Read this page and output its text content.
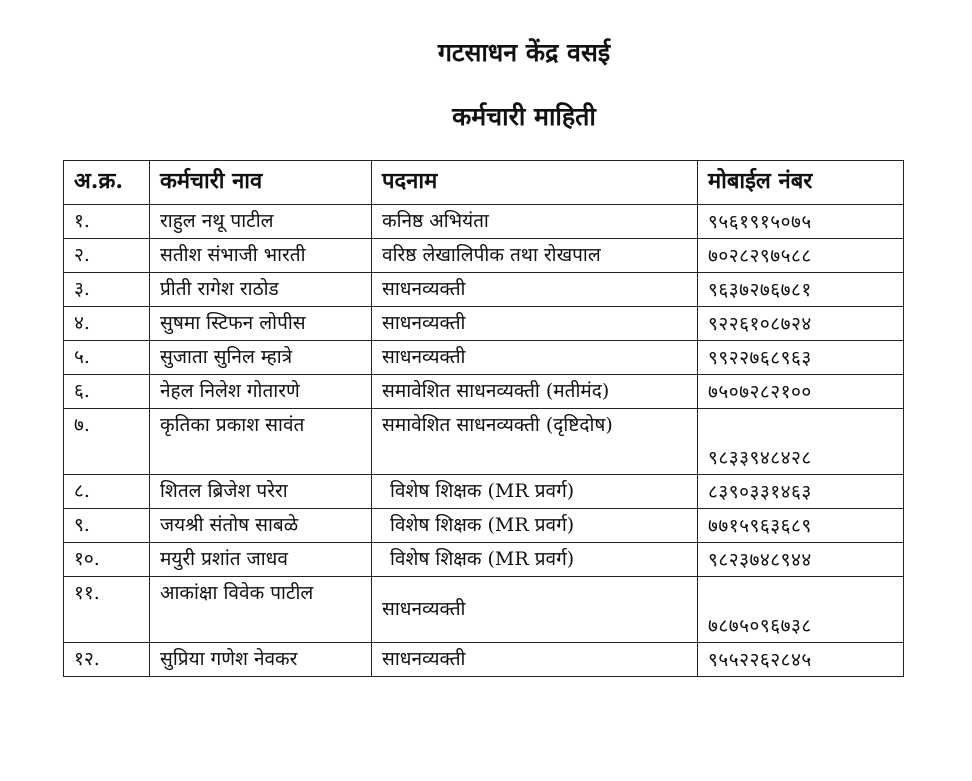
गटसाधन केंद्र वसई
कर्मचारी माहिती
अ.क्र.	कर्मचारी नाव	पदनाम	मोबाईल नंबर
१.	राहुल नथू पाटील	कनिष्ठ अभियंता	९५६१९१५०७५
२.	सतीश संभाजी भारती	वरिष्ठ लेखालिपीक तथा रोखपाल	७०२८२९७५८८
३.	प्रीती रागेश राठोड	साधनव्यक्ती	९६३७२७६७८१
४.	सुषमा स्टिफन लोपीस	साधनव्यक्ती	९२२६१०८७२४
५.	सुजाता सुनिल म्हात्रे	साधनव्यक्ती	९९२२७६८९६३
६.	नेहल निलेश गोतारणे	समावेशित साधनव्यक्ती (मतीमंद)	७५०७२८२१००
७.	कृतिका प्रकाश सावंत	समावेशित साधनव्यक्ती (दृष्टिदोष)	९८३३९४८४२८
८.	शितल ब्रिजेश परेरा	विशेष शिक्षक (MR प्रवर्ग)	८३९०३३१४६३
९.	जयश्री संतोष साबळे	विशेष शिक्षक (MR प्रवर्ग)	७७१५९६३६८९
१०.	मयुरी प्रशांत जाधव	विशेष शिक्षक (MR प्रवर्ग)	९८२३७४८९४४
११.	आकांक्षा विवेक पाटील	साधनव्यक्ती	७८७५०९६७३८
१२.	सुप्रिया गणेश नेवकर	साधनव्यक्ती	९५५२२६२८४५
